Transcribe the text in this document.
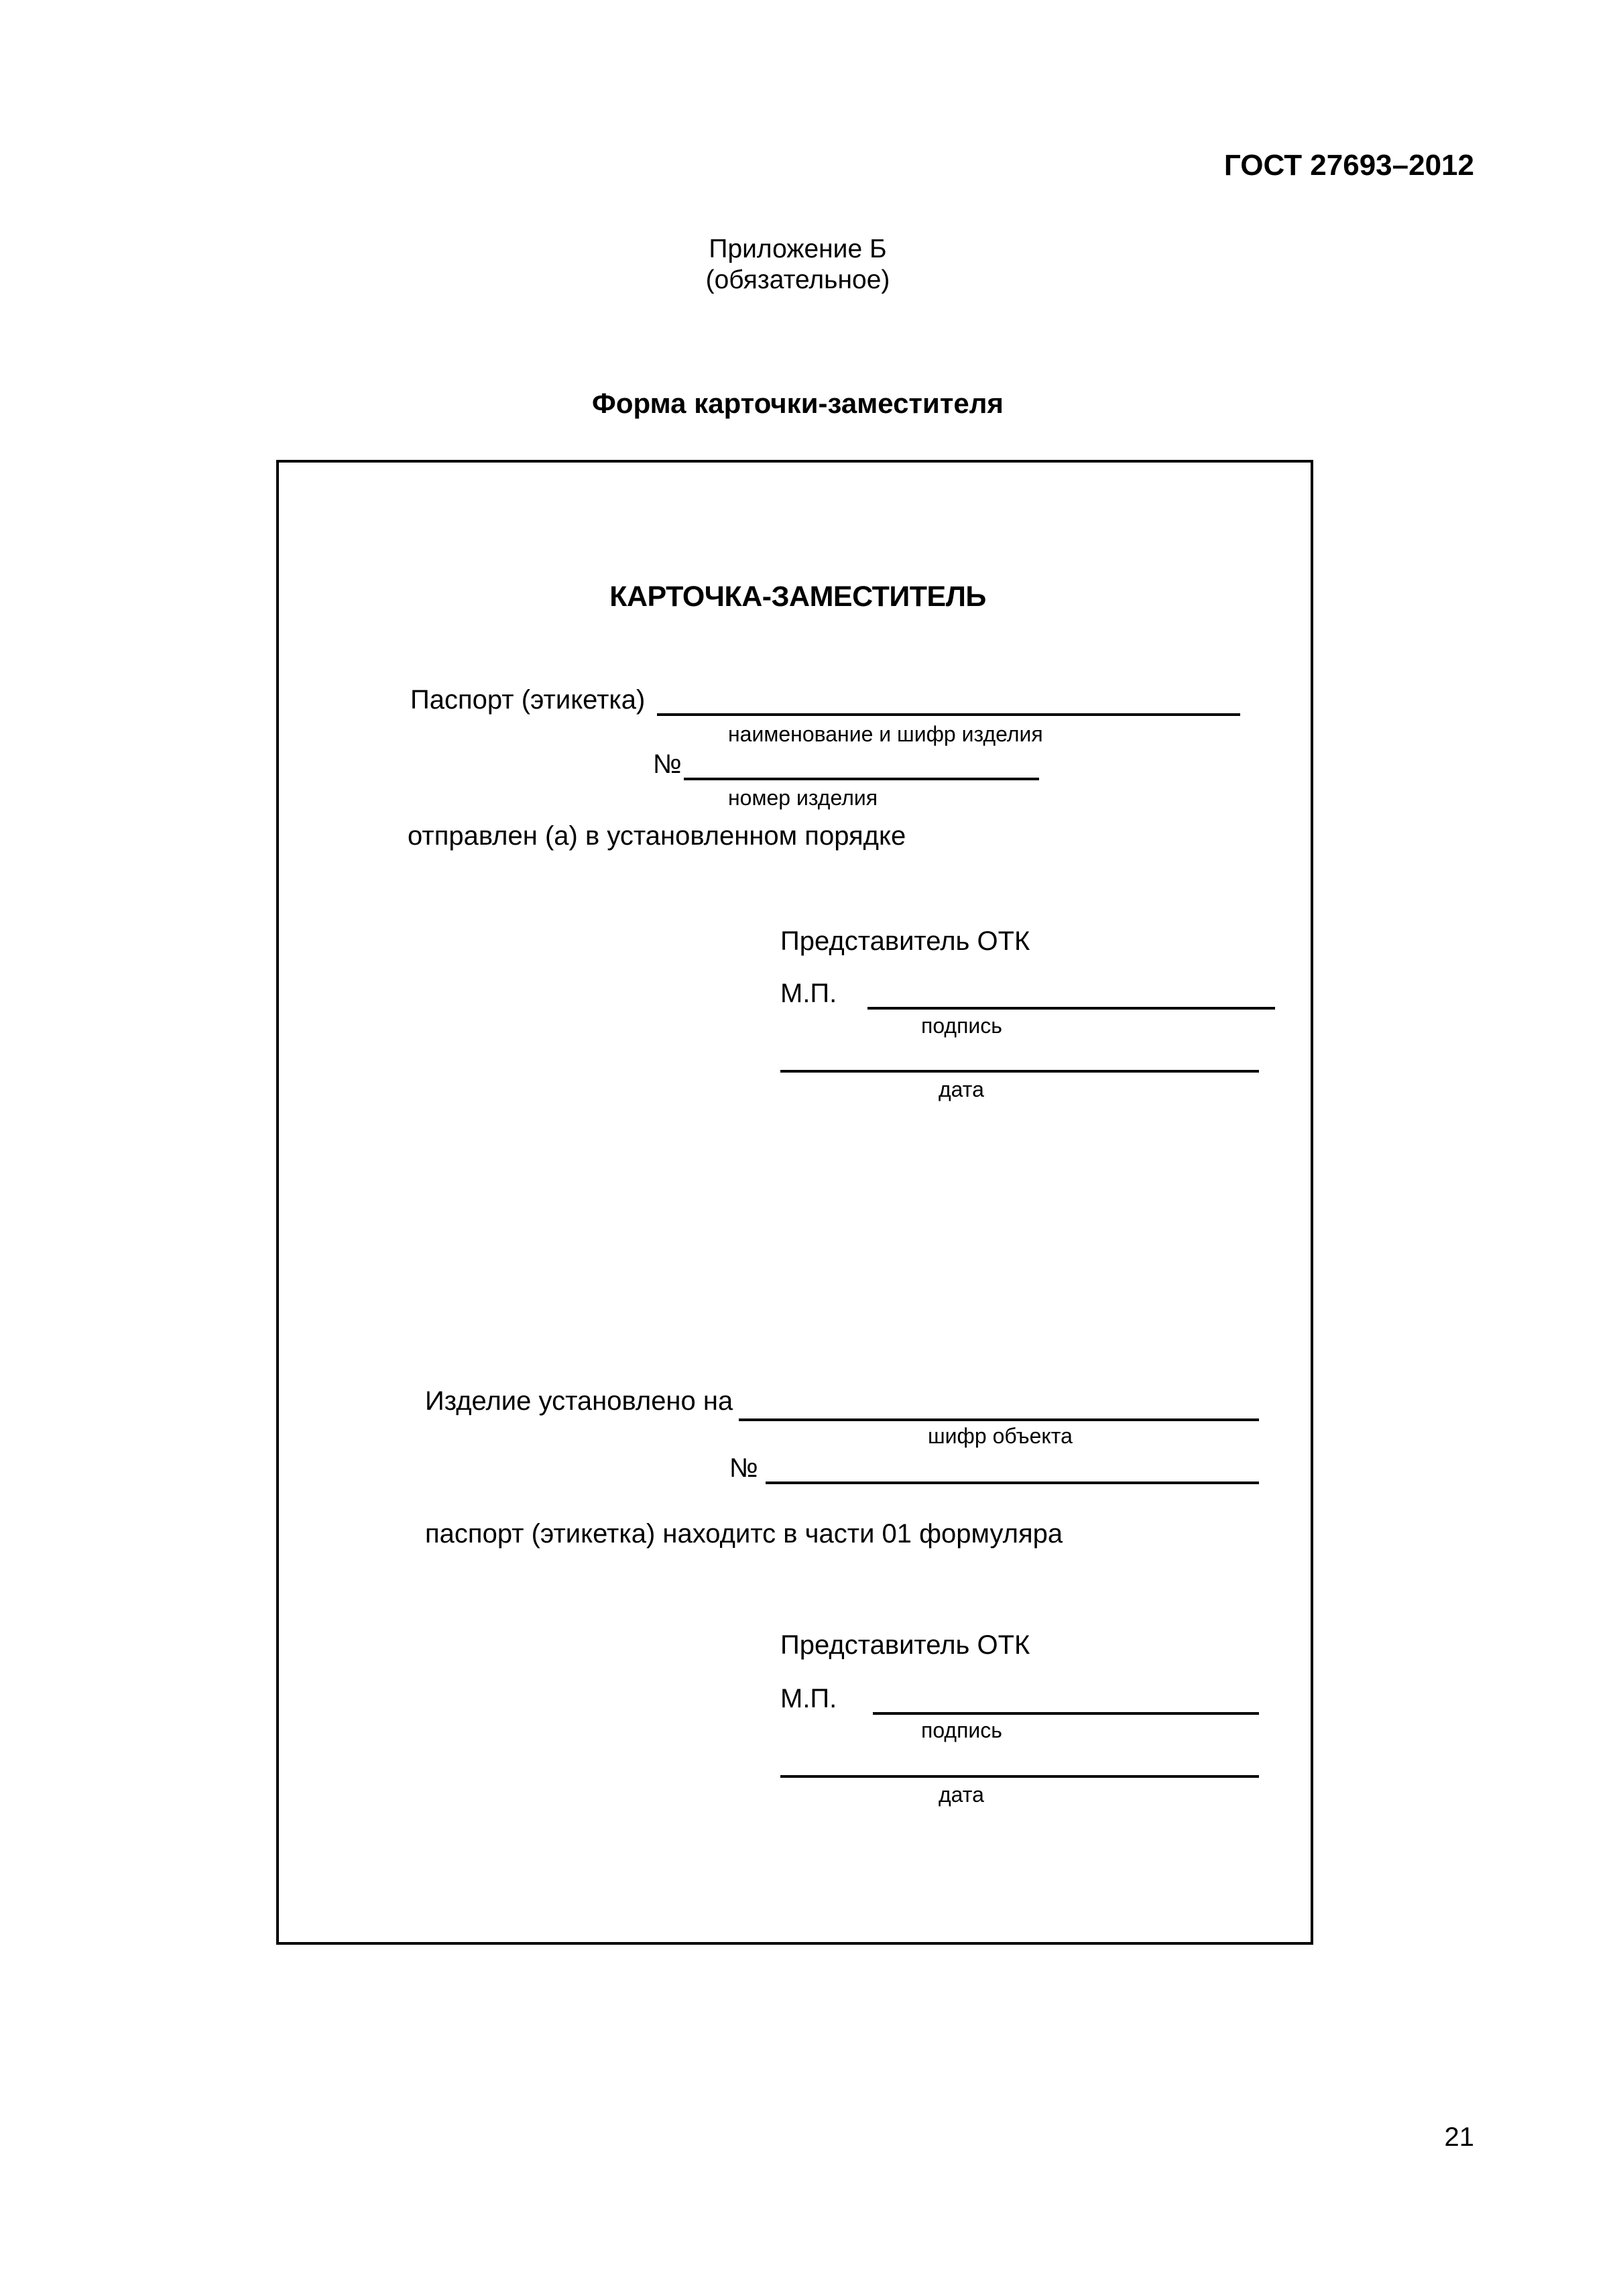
ГОСТ 27693–2012
Приложение Б
(обязательное)
Форма карточки-заместителя
КАРТОЧКА-ЗАМЕСТИТЕЛЬ
Паспорт (этикетка)
наименование и шифр изделия
№
номер изделия
отправлен (а) в установленном порядке
Представитель ОТК
М.П.
подпись
дата
Изделие установлено на
шифр объекта
№
паспорт (этикетка) находитс в части 01 формуляра
Представитель ОТК
М.П.
подпись
дата
21
